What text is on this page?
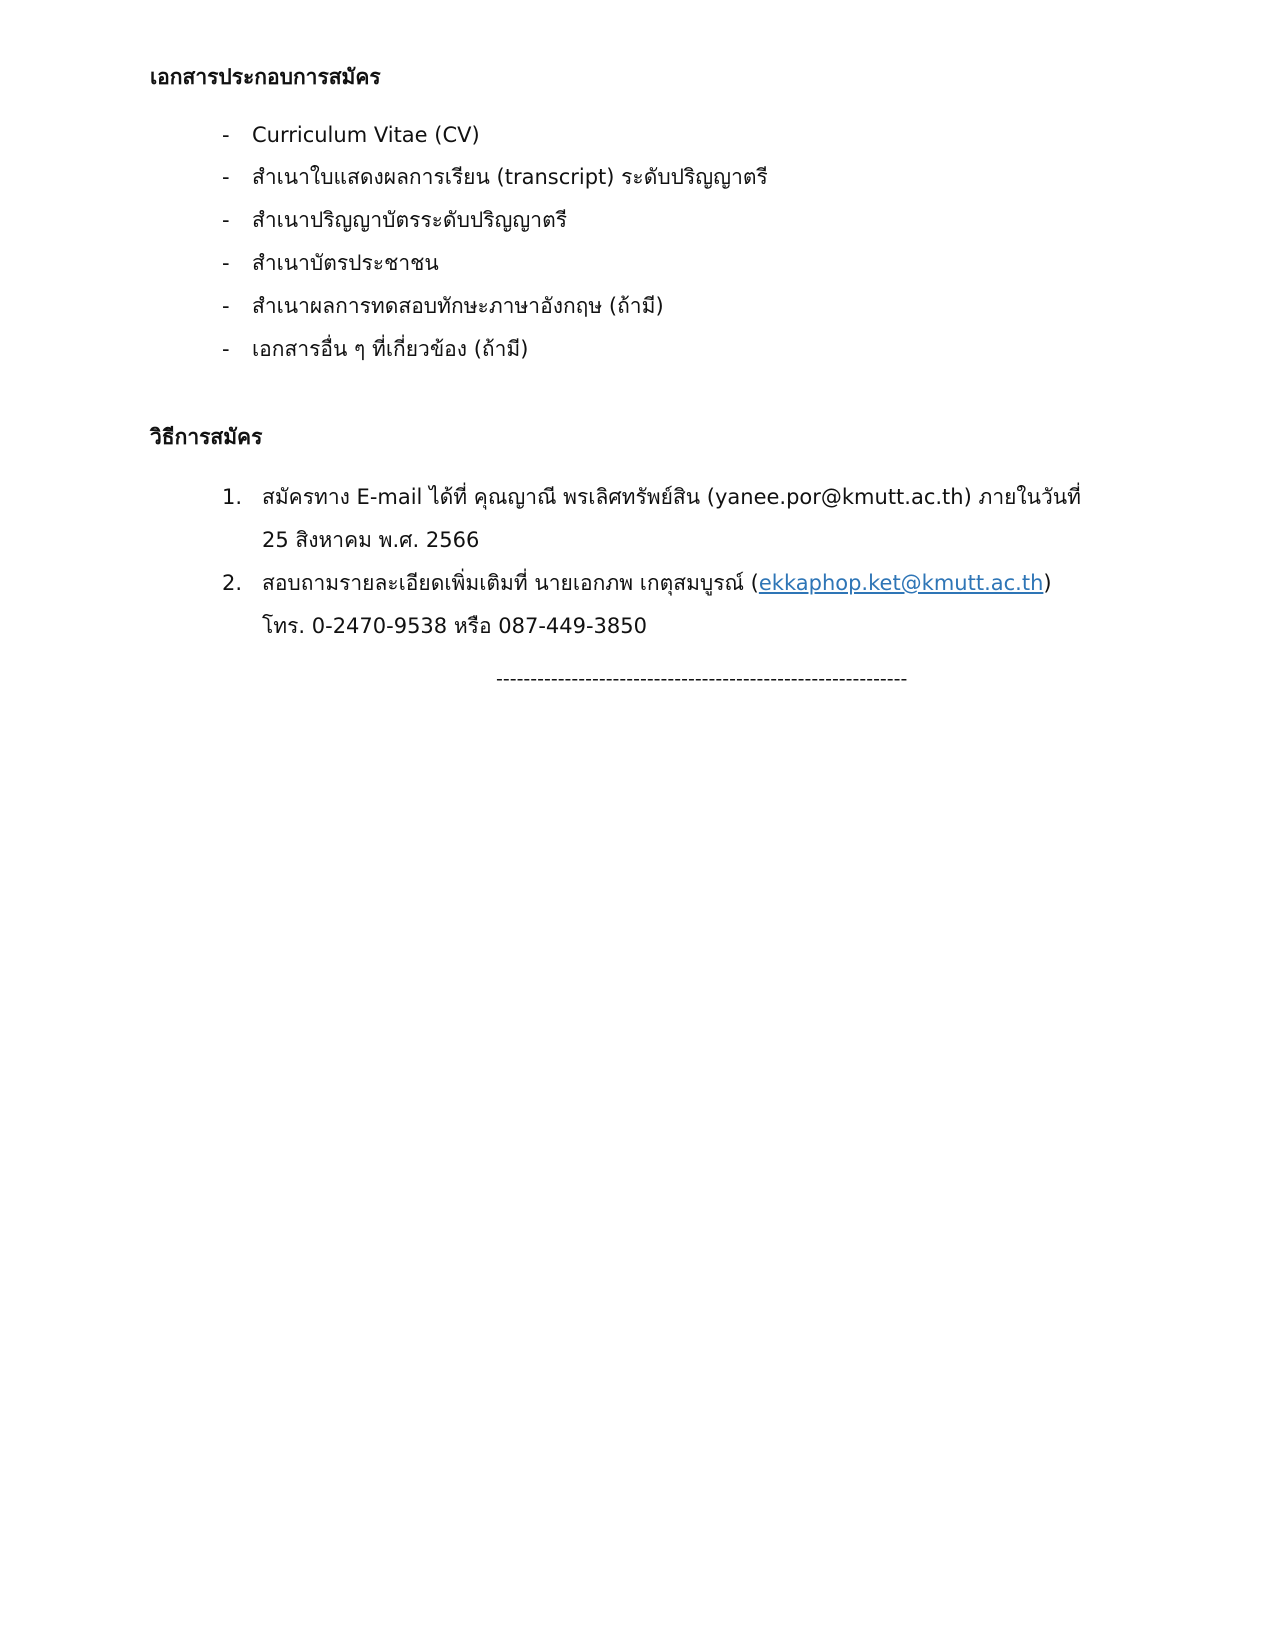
เอกสารประกอบการสมัคร
- Curriculum Vitae (CV)
- สำเนาใบแสดงผลการเรียน (transcript) ระดับปริญญาตรี
- สำเนาปริญญาบัตรระดับปริญญาตรี
- สำเนาบัตรประชาชน
- สำเนาผลการทดสอบทักษะภาษาอังกฤษ (ถ้ามี)
- เอกสารอื่น ๆ ที่เกี่ยวข้อง (ถ้ามี)
วิธีการสมัคร
1. สมัครทาง E-mail ได้ที่ คุณญาณี พรเลิศทรัพย์สิน (yanee.por@kmutt.ac.th) ภายในวันที่
25 สิงหาคม พ.ศ. 2566
2. สอบถามรายละเอียดเพิ่มเติมที่ นายเอกภพ เกตุสมบูรณ์ (ekkaphop.ket@kmutt.ac.th)
โทร. 0-2470-9538 หรือ 087-449-3850
------------------------------------------------------------
